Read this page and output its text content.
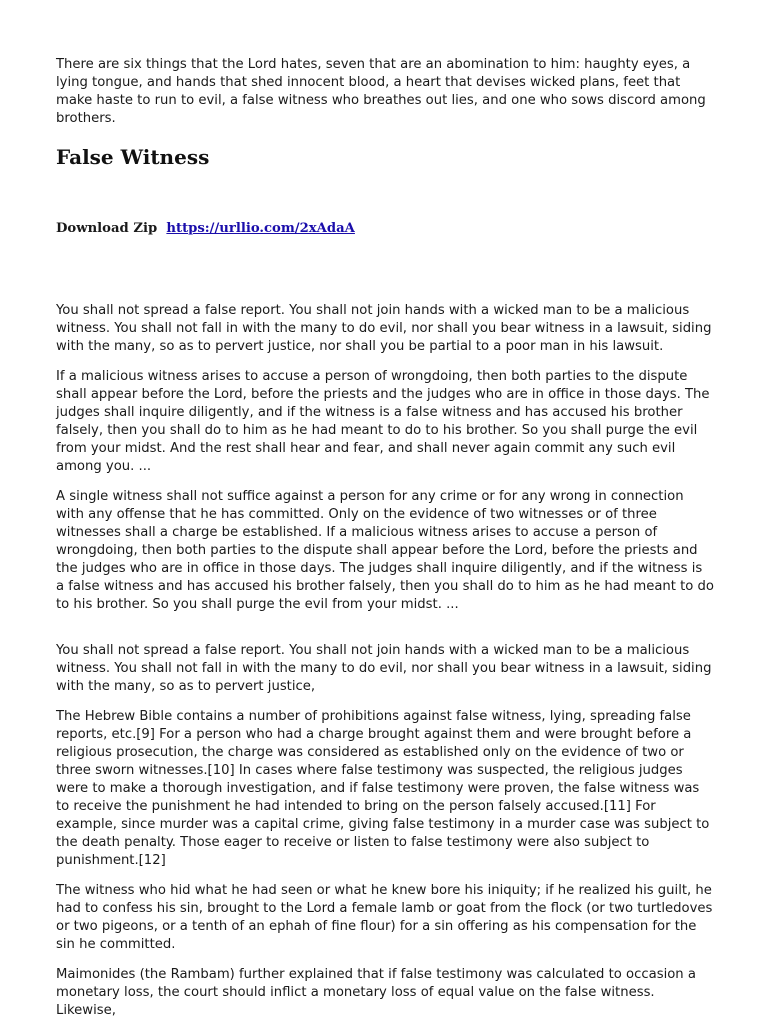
There are six things that the Lord hates, seven that are an abomination to him: haughty eyes, a lying tongue, and hands that shed innocent blood, a heart that devises wicked plans, feet that make haste to run to evil, a false witness who breathes out lies, and one who sows discord among brothers.

False Witness
Download Zip https://urllio.com/2xAdaA

You shall not spread a false report. You shall not join hands with a wicked man to be a malicious witness. You shall not fall in with the many to do evil, nor shall you bear witness in a lawsuit, siding with the many, so as to pervert justice, nor shall you be partial to a poor man in his lawsuit.

If a malicious witness arises to accuse a person of wrongdoing, then both parties to the dispute shall appear before the Lord, before the priests and the judges who are in office in those days. The judges shall inquire diligently, and if the witness is a false witness and has accused his brother falsely, then you shall do to him as he had meant to do to his brother. So you shall purge the evil from your midst. And the rest shall hear and fear, and shall never again commit any such evil among you. ...

A single witness shall not suffice against a person for any crime or for any wrong in connection with any offense that he has committed. Only on the evidence of two witnesses or of three witnesses shall a charge be established. If a malicious witness arises to accuse a person of wrongdoing, then both parties to the dispute shall appear before the Lord, before the priests and the judges who are in office in those days. The judges shall inquire diligently, and if the witness is a false witness and has accused his brother falsely, then you shall do to him as he had meant to do to his brother. So you shall purge the evil from your midst. ...

You shall not spread a false report. You shall not join hands with a wicked man to be a malicious witness. You shall not fall in with the many to do evil, nor shall you bear witness in a lawsuit, siding with the many, so as to pervert justice,

The Hebrew Bible contains a number of prohibitions against false witness, lying, spreading false reports, etc.[9] For a person who had a charge brought against them and were brought before a religious prosecution, the charge was considered as established only on the evidence of two or three sworn witnesses.[10] In cases where false testimony was suspected, the religious judges were to make a thorough investigation, and if false testimony were proven, the false witness was to receive the punishment he had intended to bring on the person falsely accused.[11] For example, since murder was a capital crime, giving false testimony in a murder case was subject to the death penalty. Those eager to receive or listen to false testimony were also subject to punishment.[12]

The witness who hid what he had seen or what he knew bore his iniquity; if he realized his guilt, he had to confess his sin, brought to the Lord a female lamb or goat from the flock (or two turtledoves or two pigeons, or a tenth of an ephah of fine flour) for a sin offering as his compensation for the sin he committed.

Maimonides (the Rambam) further explained that if false testimony was calculated to occasion a monetary loss, the court should inflict a monetary loss of equal value on the false witness. Likewise,
